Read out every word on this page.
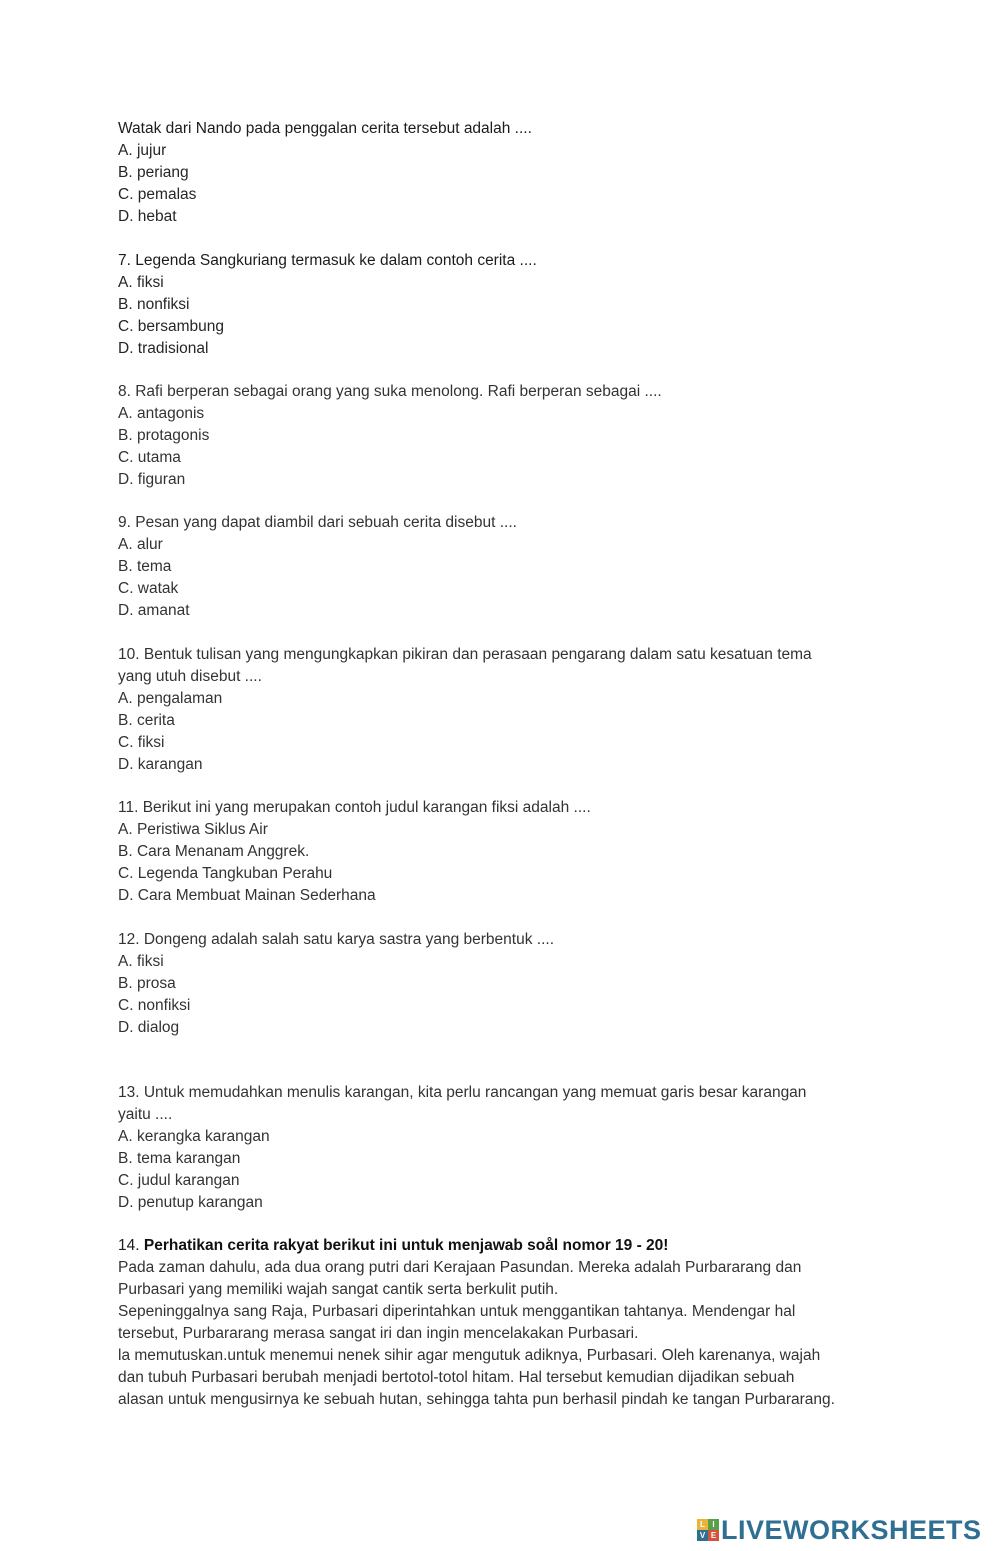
Watak dari Nando pada penggalan cerita tersebut adalah ....
A. jujur
B. periang
C. pemalas
D. hebat
7. Legenda Sangkuriang termasuk ke dalam contoh cerita ....
A. fiksi
B. nonfiksi
C. bersambung
D. tradisional
8. Rafi berperan sebagai orang yang suka menolong. Rafi berperan sebagai ....
A. antagonis
B. protagonis
C. utama
D. figuran
9. Pesan yang dapat diambil dari sebuah cerita disebut ....
A. alur
B. tema
C. watak
D. amanat
10. Bentuk tulisan yang mengungkapkan pikiran dan perasaan pengarang dalam satu kesatuan tema
yang utuh disebut ....
A. pengalaman
B. cerita
C. fiksi
D. karangan
11. Berikut ini yang merupakan contoh judul karangan fiksi adalah ....
A. Peristiwa Siklus Air
B. Cara Menanam Anggrek.
C. Legenda Tangkuban Perahu
D. Cara Membuat Mainan Sederhana
12. Dongeng adalah salah satu karya sastra yang berbentuk ....
A. fiksi
B. prosa
C. nonfiksi
D. dialog
13. Untuk memudahkan menulis karangan, kita perlu rancangan yang memuat garis besar karangan
yaitu ....
A. kerangka karangan
B. tema karangan
C. judul karangan
D. penutup karangan
14. Perhatikan cerita rakyat berikut ini untuk menjawab soål nomor 19 - 20!
Pada zaman dahulu, ada dua orang putri dari Kerajaan Pasundan. Mereka adalah Purbararang dan
Purbasari yang memiliki wajah sangat cantik serta berkulit putih.
Sepeninggalnya sang Raja, Purbasari diperintahkan untuk menggantikan tahtanya. Mendengar hal
tersebut, Purbararang merasa sangat iri dan ingin mencelakakan Purbasari.
la memutuskan.untuk menemui nenek sihir agar mengutuk adiknya, Purbasari. Oleh karenanya, wajah
dan tubuh Purbasari berubah menjadi bertotol-totol hitam. Hal tersebut kemudian dijadikan sebuah
alasan untuk mengusirnya ke sebuah hutan, sehingga tahta pun berhasil pindah ke tangan Purbararang.
L I
V E LIVEWORKSHEETS
